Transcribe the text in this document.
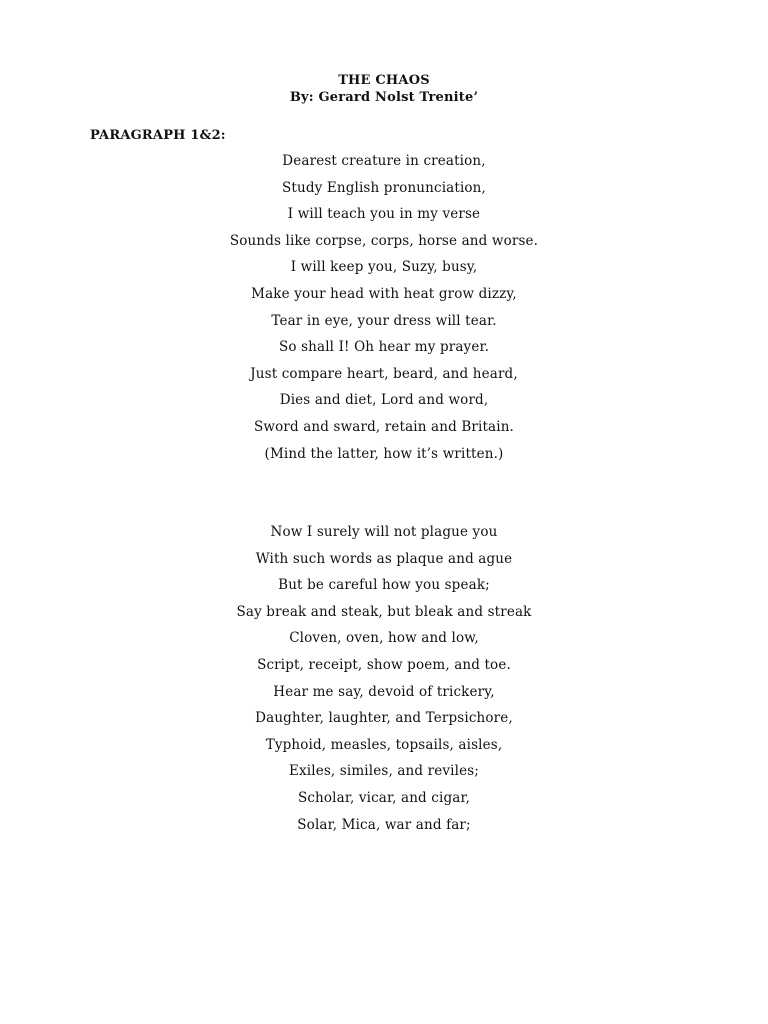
THE CHAOS
By: Gerard Nolst Trenite’
PARAGRAPH 1&2:
Dearest creature in creation,
Study English pronunciation,
I will teach you in my verse
Sounds like corpse, corps, horse and worse.
I will keep you, Suzy, busy,
Make your head with heat grow dizzy,
Tear in eye, your dress will tear.
So shall I! Oh hear my prayer.
Just compare heart, beard, and heard,
Dies and diet, Lord and word,
Sword and sward, retain and Britain.
(Mind the latter, how it’s written.)
Now I surely will not plague you
With such words as plaque and ague
But be careful how you speak;
Say break and steak, but bleak and streak
Cloven, oven, how and low,
Script, receipt, show poem, and toe.
Hear me say, devoid of trickery,
Daughter, laughter, and Terpsichore,
Typhoid, measles, topsails, aisles,
Exiles, similes, and reviles;
Scholar, vicar, and cigar,
Solar, Mica, war and far;
